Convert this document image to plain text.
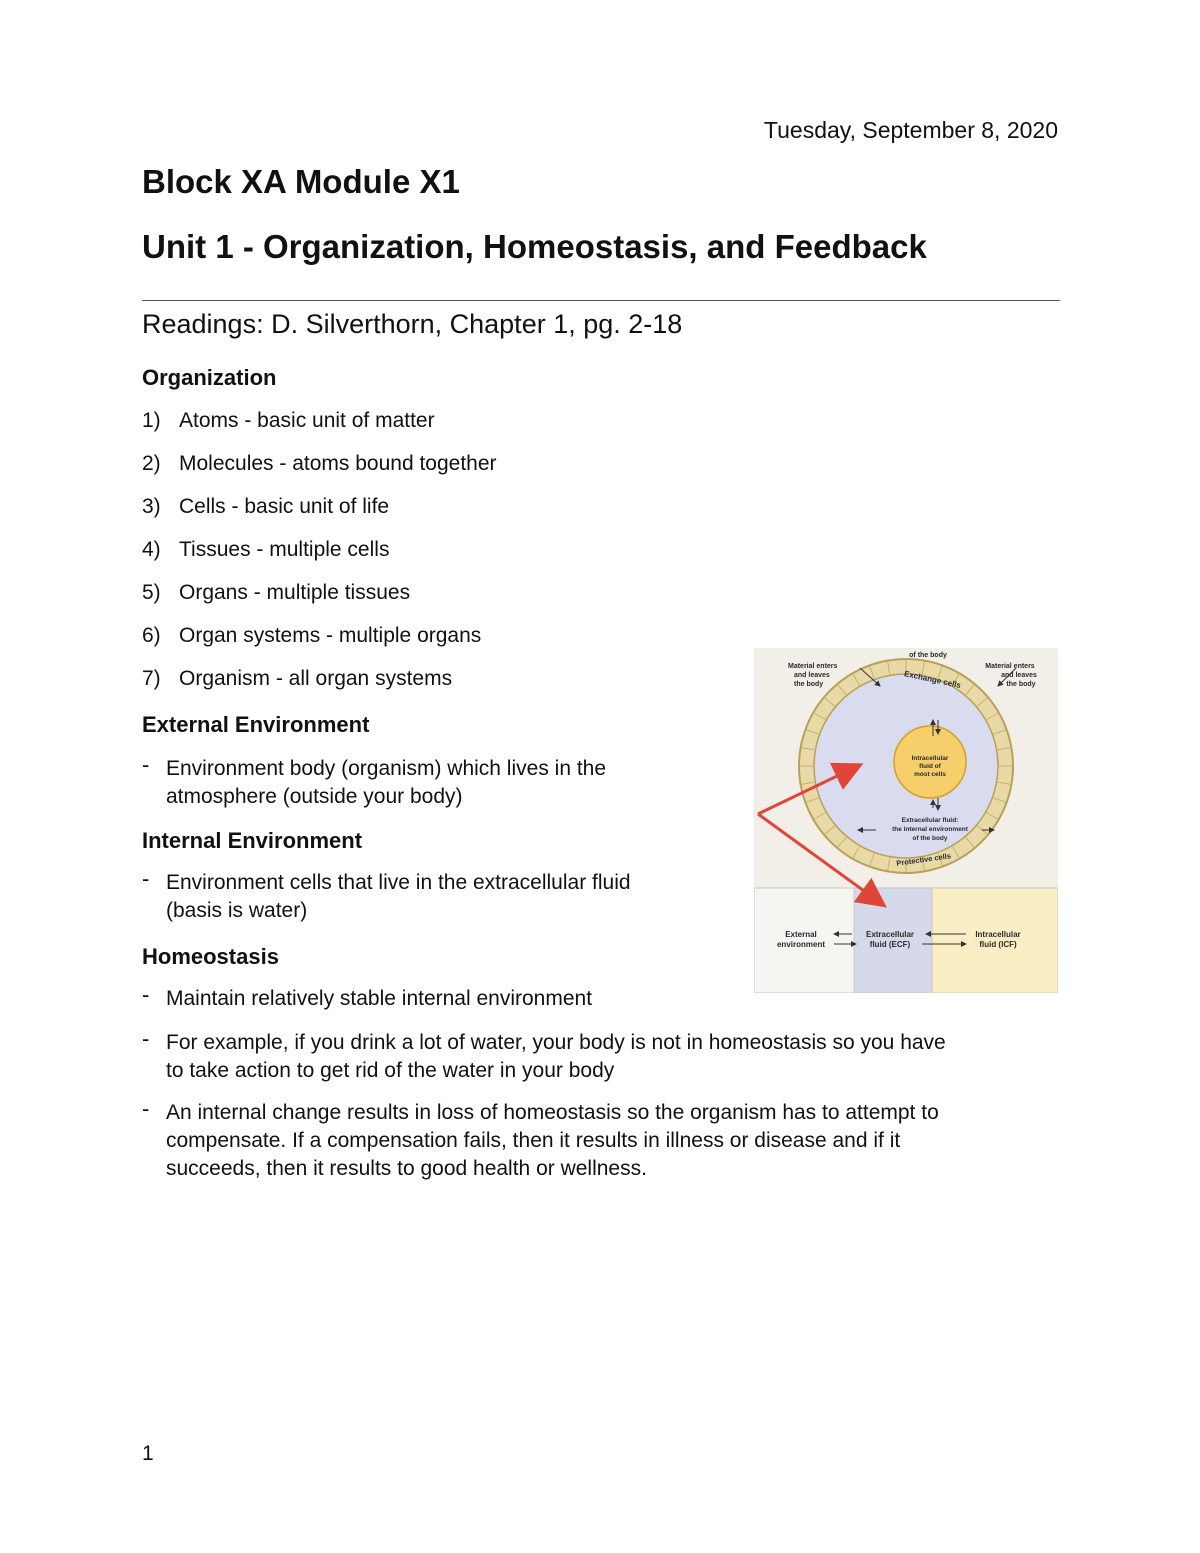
Tuesday, September 8, 2020
Block XA Module X1
Unit 1 - Organization, Homeostasis, and Feedback
Readings: D. Silverthorn, Chapter 1, pg. 2-18
Organization
1) Atoms - basic unit of matter
2) Molecules - atoms bound together
3) Cells - basic unit of life
4) Tissues - multiple cells
5) Organs - multiple tissues
6) Organ systems - multiple organs
7) Organism - all organ systems
External Environment
- Environment body (organism) which lives in the
atmosphere (outside your body)
Internal Environment
- Environment cells that live in the extracellular fluid
(basis is water)
Homeostasis
- Maintain relatively stable internal environment
- For example, if you drink a lot of water, your body is not in homeostasis so you have
to take action to get rid of the water in your body
- An internal change results in loss of homeostasis so the organism has to attempt to
compensate. If a compensation fails, then it results in illness or disease and if it
succeeds, then it results to good health or wellness.
of the body
Material enters
and leaves
the body
Material enters
and leaves
the body
Exchange cells
Intracellular
fluid of
most cells
Extracellular fluid:
the internal environment
of the body
Protective cells
External
environment
Extracellular
fluid (ECF)
Intracellular
fluid (ICF)
1
